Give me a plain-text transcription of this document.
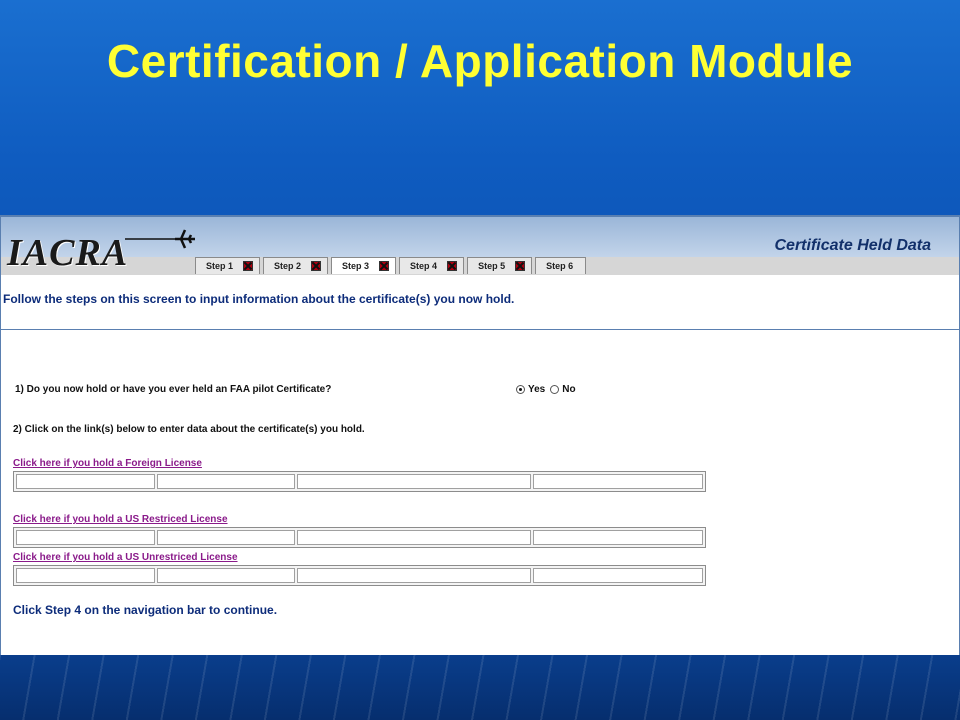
Certification / Application Module
IACRA	Certificate Held Data
Step 1	Step 2	Step 3	Step 4	Step 5	Step 6
Follow the steps on this screen to input information about the certificate(s) you now hold.
1) Do you now hold or have you ever held an FAA pilot Certificate?	Yes No
2) Click on the link(s) below to enter data about the certificate(s) you hold.
Click here if you hold a Foreign License
Click here if you hold a US Restriced License
Click here if you hold a US Unrestriced License
Click Step 4 on the navigation bar to continue.
